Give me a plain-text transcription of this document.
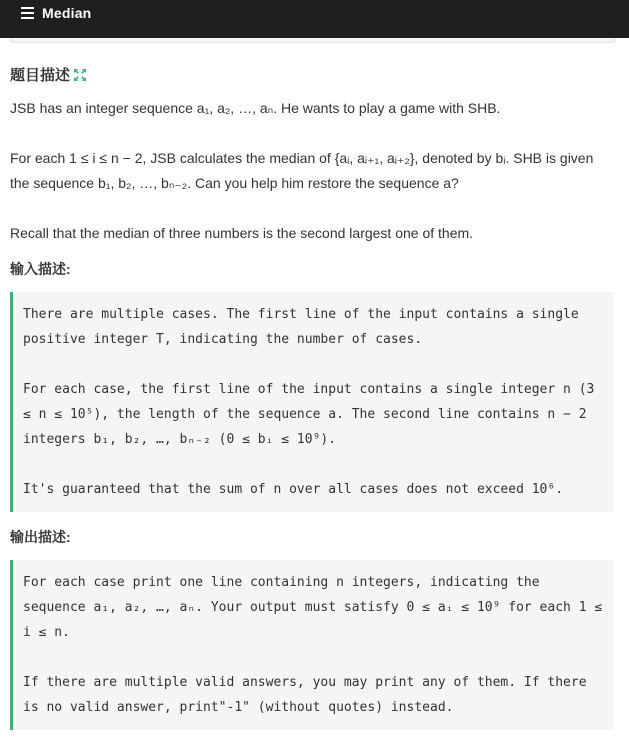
Median
题目描述
JSB has an integer sequence a₁, a₂, …, aₙ. He wants to play a game with SHB.
For each 1 ≤ i ≤ n − 2, JSB calculates the median of {aᵢ, aᵢ₊₁, aᵢ₊₂}, denoted by bᵢ. SHB is given the sequence b₁, b₂, …, bₙ₋₂. Can you help him restore the sequence a?
Recall that the median of three numbers is the second largest one of them.
输入描述:
There are multiple cases. The first line of the input contains a single positive integer T, indicating the number of cases.
For each case, the first line of the input contains a single integer n (3 ≤ n ≤ 10⁵), the length of the sequence a. The second line contains n − 2 integers b₁, b₂, …, bₙ₋₂ (0 ≤ bᵢ ≤ 10⁹).
It's guaranteed that the sum of n over all cases does not exceed 10⁶.
输出描述:
For each case print one line containing n integers, indicating the sequence a₁, a₂, …, aₙ. Your output must satisfy 0 ≤ aᵢ ≤ 10⁹ for each 1 ≤ i ≤ n.
If there are multiple valid answers, you may print any of them. If there is no valid answer, print"-1" (without quotes) instead.
